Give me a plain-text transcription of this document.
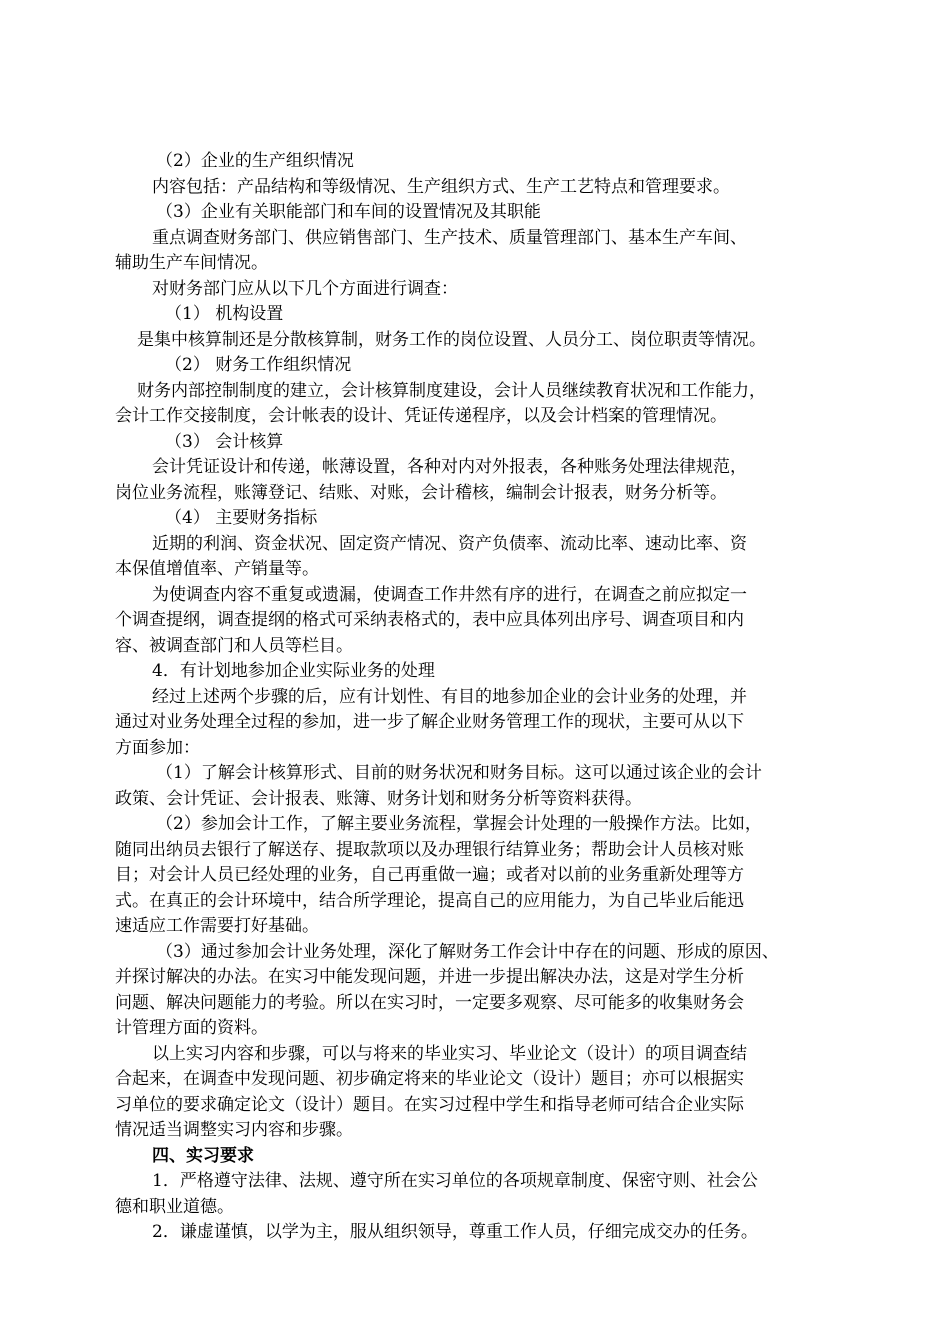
（2）企业的生产组织情况
内容包括：产品结构和等级情况、生产组织方式、生产工艺特点和管理要求。
（3）企业有关职能部门和车间的设置情况及其职能
重点调查财务部门、供应销售部门、生产技术、质量管理部门、基本生产车间、
辅助生产车间情况。
对财务部门应从以下几个方面进行调查：
（1） 机构设置
是集中核算制还是分散核算制，财务工作的岗位设置、人员分工、岗位职责等情况。
（2） 财务工作组织情况
财务内部控制制度的建立，会计核算制度建设，会计人员继续教育状况和工作能力，
会计工作交接制度，会计帐表的设计、凭证传递程序，以及会计档案的管理情况。
（3） 会计核算
会计凭证设计和传递，帐薄设置，各种对内对外报表，各种账务处理法律规范，
岗位业务流程，账簿登记、结账、对账，会计稽核，编制会计报表，财务分析等。
（4） 主要财务指标
近期的利润、资金状况、固定资产情况、资产负债率、流动比率、速动比率、资
本保值增值率、产销量等。
为使调查内容不重复或遗漏，使调查工作井然有序的进行，在调查之前应拟定一
个调查提纲，调查提纲的格式可采纳表格式的，表中应具体列出序号、调查项目和内
容、被调查部门和人员等栏目。
4．有计划地参加企业实际业务的处理
经过上述两个步骤的后，应有计划性、有目的地参加企业的会计业务的处理，并
通过对业务处理全过程的参加，进一步了解企业财务管理工作的现状，主要可从以下
方面参加：
（1）了解会计核算形式、目前的财务状况和财务目标。这可以通过该企业的会计
政策、会计凭证、会计报表、账簿、财务计划和财务分析等资料获得。
（2）参加会计工作，了解主要业务流程，掌握会计处理的一般操作方法。比如，
随同出纳员去银行了解送存、提取款项以及办理银行结算业务；帮助会计人员核对账
目；对会计人员已经处理的业务，自己再重做一遍；或者对以前的业务重新处理等方
式。在真正的会计环境中，结合所学理论，提高自己的应用能力，为自己毕业后能迅
速适应工作需要打好基础。
（3）通过参加会计业务处理，深化了解财务工作会计中存在的问题、形成的原因、
并探讨解决的办法。在实习中能发现问题，并进一步提出解决办法，这是对学生分析
问题、解决问题能力的考验。所以在实习时，一定要多观察、尽可能多的收集财务会
计管理方面的资料。
以上实习内容和步骤，可以与将来的毕业实习、毕业论文（设计）的项目调查结
合起来，在调查中发现问题、初步确定将来的毕业论文（设计）题目；亦可以根据实
习单位的要求确定论文（设计）题目。在实习过程中学生和指导老师可结合企业实际
情况适当调整实习内容和步骤。
四、实习要求
1．严格遵守法律、法规、遵守所在实习单位的各项规章制度、保密守则、社会公
德和职业道德。
2．谦虚谨慎，以学为主，服从组织领导，尊重工作人员，仔细完成交办的任务。
